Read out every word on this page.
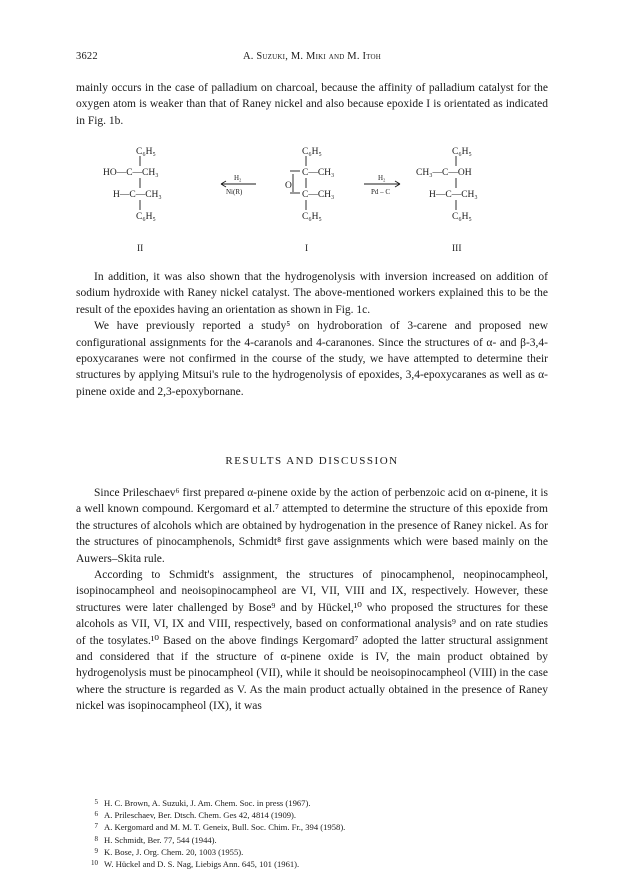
3622	A. Suzuki, M. Miki and M. Itoh

mainly occurs in the case of palladium on charcoal, because the affinity of palladium catalyst for the oxygen atom is weaker than that of Raney nickel and also because epoxide I is orientated as indicated in Fig. 1b.

C₆H₅
HO—C—CH₃
H—C—CH₃
C₆H₅
II
H₂
Ni(R)
C₆H₅
C—CH₃
O
C—CH₃
C₆H₅
I
H₂
Pd – C
C₆H₅
CH₃—C—OH
H—C—CH₃
C₆H₅
III

In addition, it was also shown that the hydrogenolysis with inversion increased on addition of sodium hydroxide with Raney nickel catalyst. The above-mentioned workers explained this to be the result of the epoxides having an orientation as shown in Fig. 1c.

We have previously reported a study⁵ on hydroboration of 3-carene and proposed new configurational assignments for the 4-caranols and 4-caranones. Since the structures of α- and β-3,4-epoxycaranes were not confirmed in the course of the study, we have attempted to determine their structures by applying Mitsui's rule to the hydrogenolysis of epoxides, 3,4-epoxycaranes as well as α-pinene oxide and 2,3-epoxybornane.

RESULTS AND DISCUSSION

Since Prileschaev⁶ first prepared α-pinene oxide by the action of perbenzoic acid on α-pinene, it is a well known compound. Kergomard et al.⁷ attempted to determine the structure of this epoxide from the structures of alcohols which are obtained by hydrogenation in the presence of Raney nickel. As for the structures of pinocamphenols, Schmidt⁸ first gave assignments which were based mainly on the Auwers–Skita rule.

According to Schmidt's assignment, the structures of pinocamphenol, neopinocampheol, isopinocampheol and neoisopinocampheol are VI, VII, VIII and IX, respectively. However, these structures were later challenged by Bose⁹ and by Hückel,¹⁰ who proposed the structures for these alcohols as VII, VI, IX and VIII, respectively, based on conformational analysis⁹ and on rate studies of the tosylates.¹⁰ Based on the above findings Kergomard⁷ adopted the latter structural assignment and considered that if the structure of α-pinene oxide is IV, the main product obtained by hydrogenolysis must be pinocampheol (VII), while it should be neoisopinocampheol (VIII) in the case where the structure is regarded as V. As the main product actually obtained in the presence of Raney nickel was isopinocampheol (IX), it was

5 H. C. Brown, A. Suzuki, J. Am. Chem. Soc. in press (1967).
6 A. Prileschaev, Ber. Dtsch. Chem. Ges 42, 4814 (1909).
7 A. Kergomard and M. M. T. Geneix, Bull. Soc. Chim. Fr., 394 (1958).
8 H. Schmidt, Ber. 77, 544 (1944).
9 K. Bose, J. Org. Chem. 20, 1003 (1955).
10 W. Hückel and D. S. Nag, Liebigs Ann. 645, 101 (1961).
